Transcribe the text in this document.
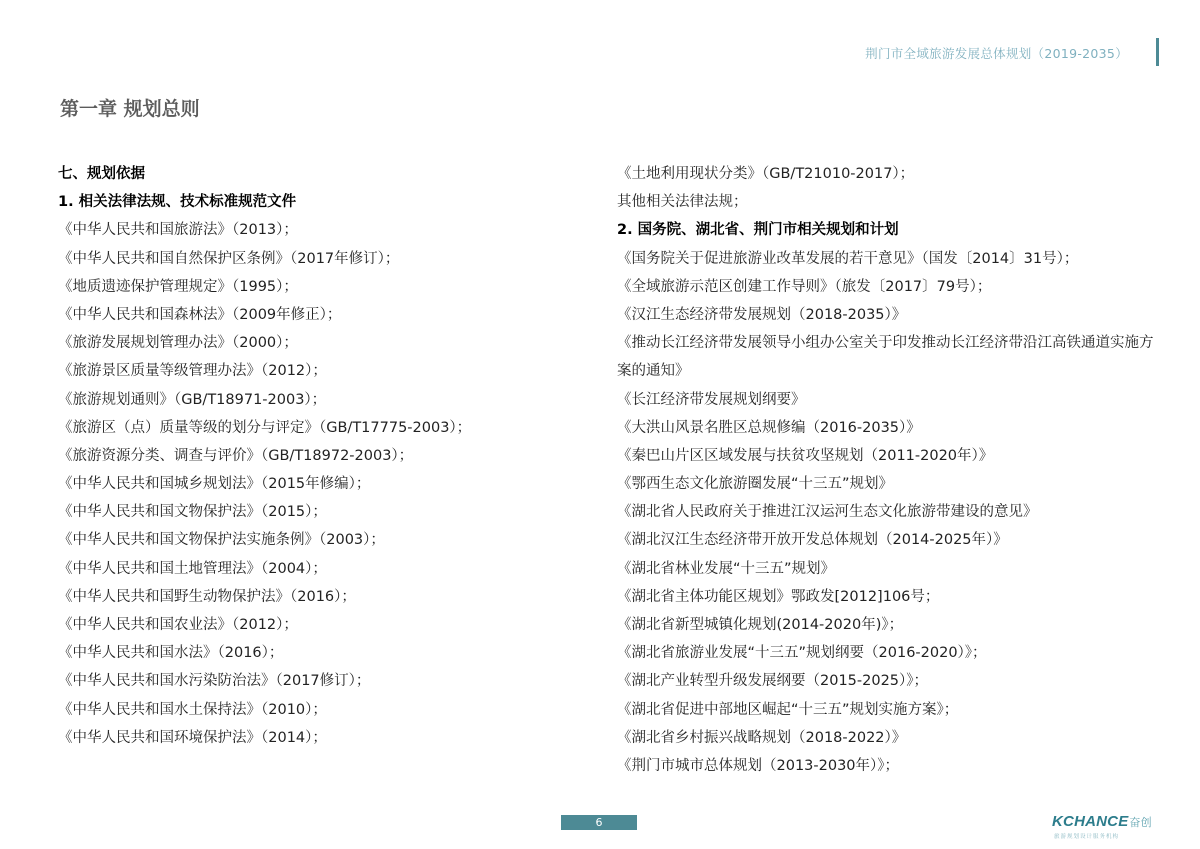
荆门市全域旅游发展总体规划（2019-2035）
第一章 规划总则
七、规划依据
1. 相关法律法规、技术标准规范文件
《中华人民共和国旅游法》（2013）；
《中华人民共和国自然保护区条例》（2017年修订）；
《地质遗迹保护管理规定》（1995）；
《中华人民共和国森林法》（2009年修正）；
《旅游发展规划管理办法》（2000）；
《旅游景区质量等级管理办法》（2012）；
《旅游规划通则》（GB/T18971-2003）；
《旅游区（点）质量等级的划分与评定》（GB/T17775-2003）；
《旅游资源分类、调查与评价》（GB/T18972-2003）；
《中华人民共和国城乡规划法》（2015年修编）；
《中华人民共和国文物保护法》（2015）；
《中华人民共和国文物保护法实施条例》（2003）；
《中华人民共和国土地管理法》（2004）；
《中华人民共和国野生动物保护法》（2016）；
《中华人民共和国农业法》（2012）；
《中华人民共和国水法》（2016）；
《中华人民共和国水污染防治法》（2017修订）；
《中华人民共和国水土保持法》（2010）；
《中华人民共和国环境保护法》（2014）；
《土地利用现状分类》（GB/T21010-2017）；
其他相关法律法规；
2. 国务院、湖北省、荆门市相关规划和计划
《国务院关于促进旅游业改革发展的若干意见》（国发〔2014〕31号）；
《全域旅游示范区创建工作导则》（旅发〔2017〕79号）；
《汉江生态经济带发展规划（2018-2035）》
《推动长江经济带发展领导小组办公室关于印发推动长江经济带沿江高铁通道实施方
案的通知》
《长江经济带发展规划纲要》
《大洪山风景名胜区总规修编（2016-2035）》
《秦巴山片区区域发展与扶贫攻坚规划（2011-2020年）》
《鄂西生态文化旅游圈发展“十三五”规划》
《湖北省人民政府关于推进江汉运河生态文化旅游带建设的意见》
《湖北汉江生态经济带开放开发总体规划（2014-2025年）》
《湖北省林业发展“十三五”规划》
《湖北省主体功能区规划》鄂政发[2012]106号；
《湖北省新型城镇化规划(2014-2020年)》；
《湖北省旅游业发展“十三五”规划纲要（2016-2020）》；
《湖北产业转型升级发展纲要（2015-2025）》；
《湖北省促进中部地区崛起“十三五”规划实施方案》；
《湖北省乡村振兴战略规划（2018-2022）》
《荆门市城市总体规划（2013-2030年）》；
6	KCHANCE奋创
旅游规划设计服务机构
